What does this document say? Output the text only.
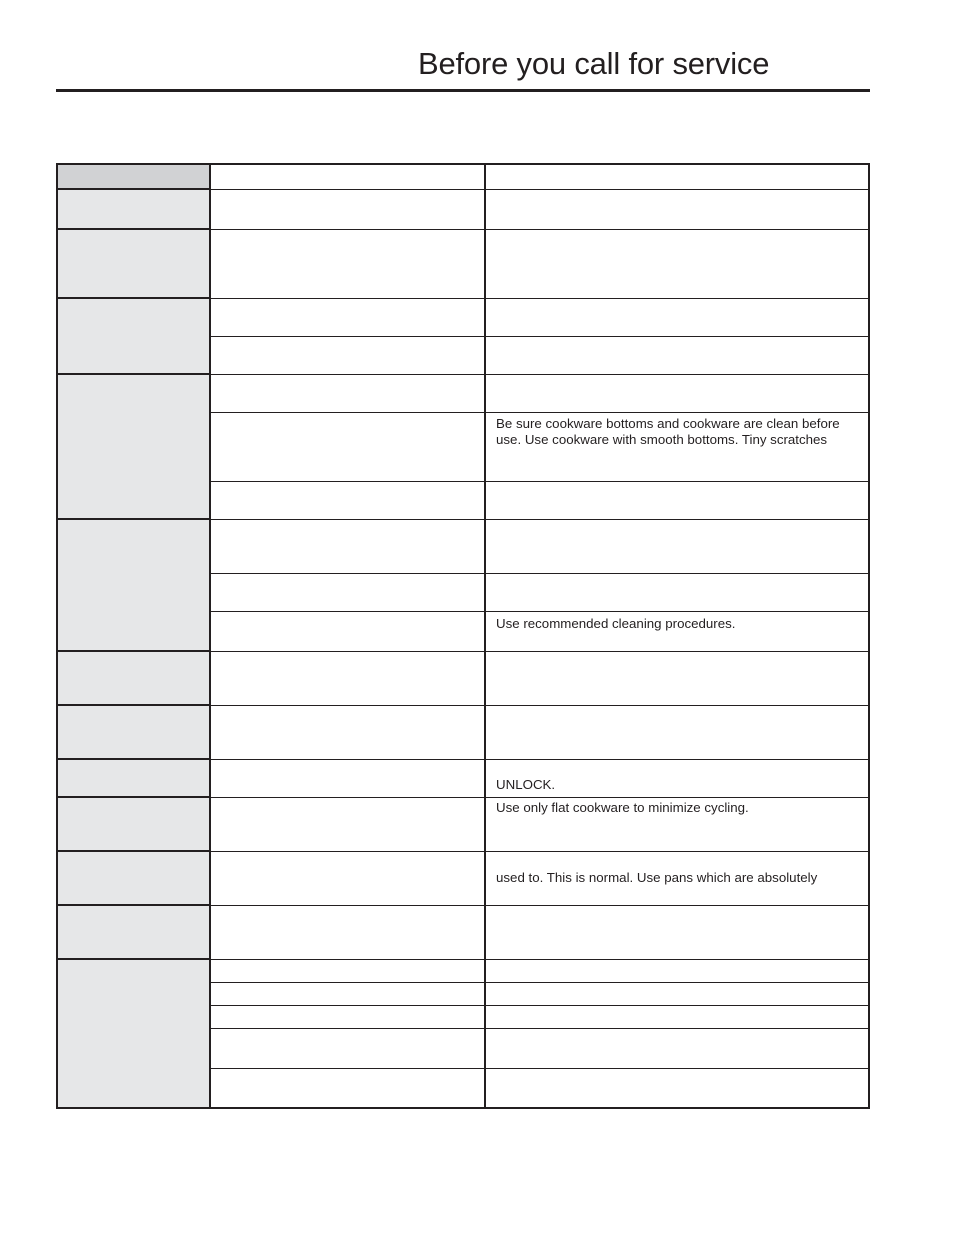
Before you call for service

Be sure cookware bottoms and cookware are clean before
use. Use cookware with smooth bottoms. Tiny scratches

Use recommended cleaning procedures.

UNLOCK.

Use only flat cookware to minimize cycling.

used to. This is normal. Use pans which are absolutely
